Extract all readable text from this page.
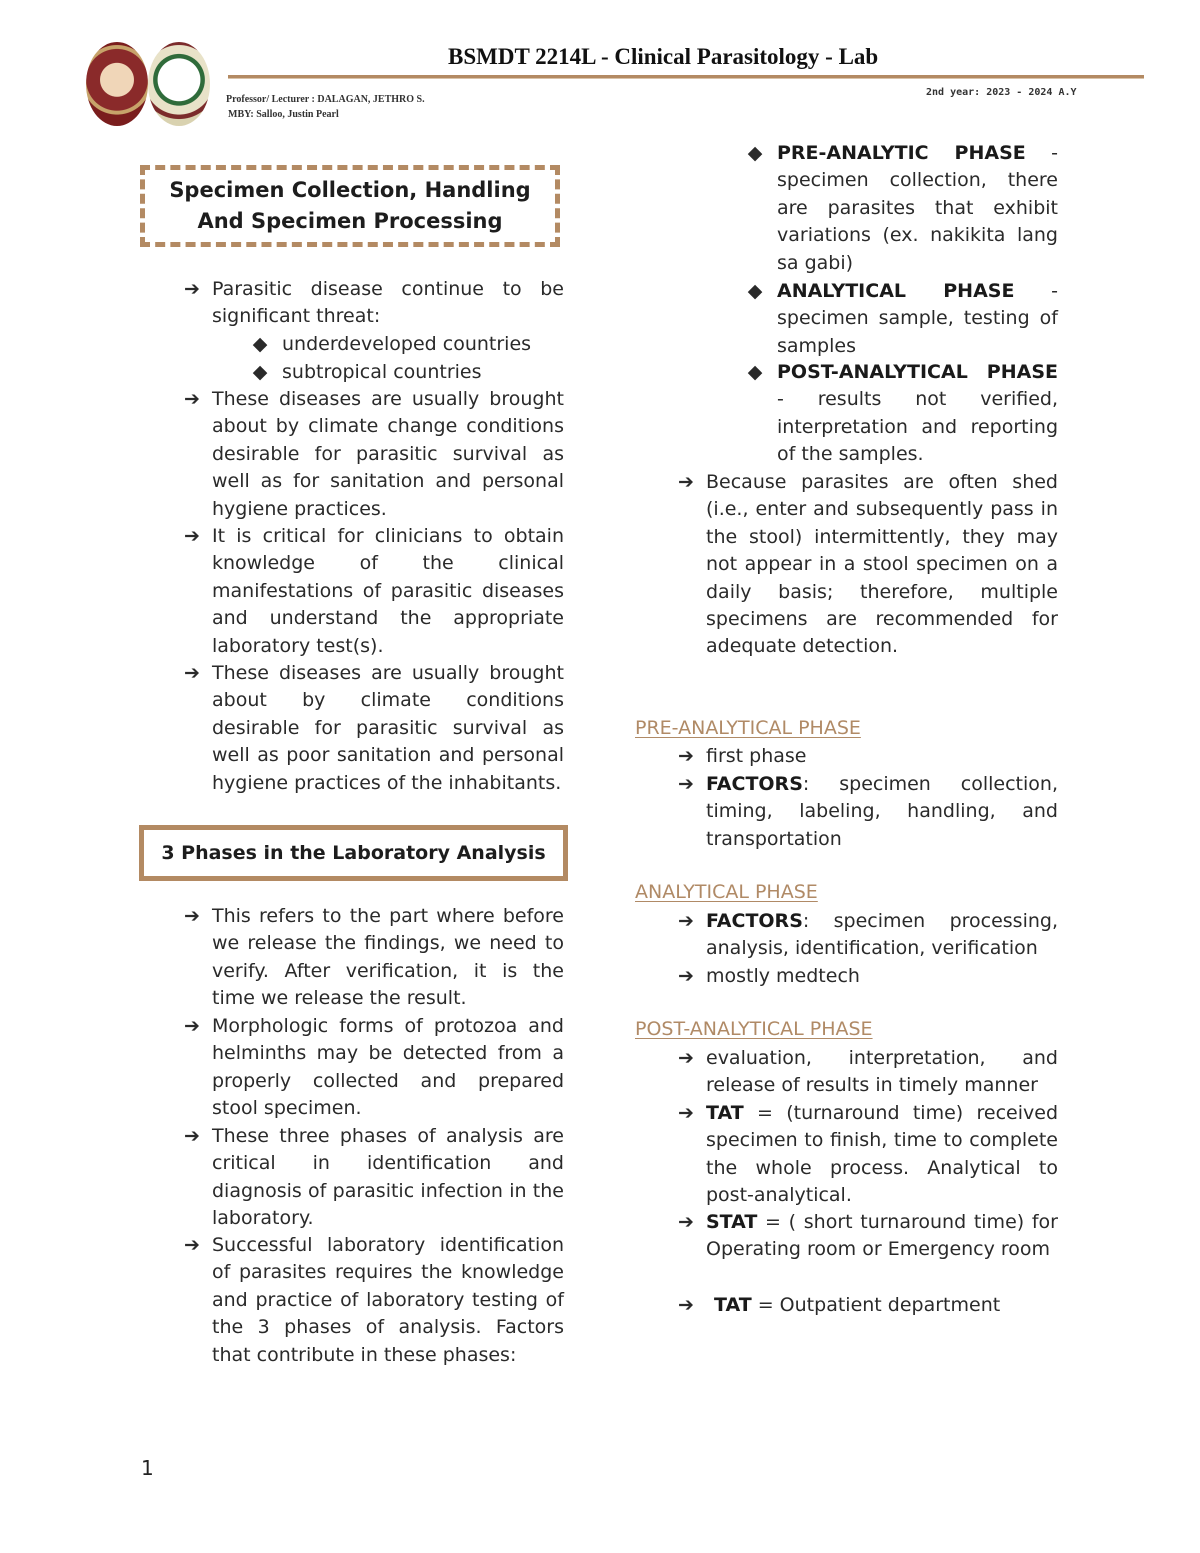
BSMDT 2214L - Clinical Parasitology - Lab
Professor/ Lecturer : DALAGAN, JETHRO S.
MBY: Salloo, Justin Pearl
2nd year: 2023 - 2024 A.Y
Specimen Collection, Handling
And Specimen Processing
➔ Parasitic disease continue to be significant threat:
◆ underdeveloped countries
◆ subtropical countries
➔ These diseases are usually brought about by climate change conditions desirable for parasitic survival as well as for sanitation and personal hygiene practices.
➔ It is critical for clinicians to obtain knowledge of the clinical manifestations of parasitic diseases and understand the appropriate laboratory test(s).
➔ These diseases are usually brought about by climate conditions desirable for parasitic survival as well as poor sanitation and personal hygiene practices of the inhabitants.
3 Phases in the Laboratory Analysis
➔ This refers to the part where before we release the findings, we need to verify. After verification, it is the time we release the result.
➔ Morphologic forms of protozoa and helminths may be detected from a properly collected and prepared stool specimen.
➔ These three phases of analysis are critical in identification and diagnosis of parasitic infection in the laboratory.
➔ Successful laboratory identification of parasites requires the knowledge and practice of laboratory testing of the 3 phases of analysis. Factors that contribute in these phases:
◆ PRE-ANALYTIC PHASE - specimen collection, there are parasites that exhibit variations (ex. nakikita lang sa gabi)
◆ ANALYTICAL PHASE - specimen sample, testing of samples
◆ POST-ANALYTICAL PHASE - results not verified, interpretation and reporting of the samples.
➔ Because parasites are often shed (i.e., enter and subsequently pass in the stool) intermittently, they may not appear in a stool specimen on a daily basis; therefore, multiple specimens are recommended for adequate detection.
PRE-ANALYTICAL PHASE
➔ first phase
➔ FACTORS: specimen collection, timing, labeling, handling, and transportation
ANALYTICAL PHASE
➔ FACTORS: specimen processing, analysis, identification, verification
➔ mostly medtech
POST-ANALYTICAL PHASE
➔ evaluation, interpretation, and release of results in timely manner
➔ TAT = (turnaround time) received specimen to finish, time to complete the whole process. Analytical to post-analytical.
➔ STAT = ( short turnaround time) for Operating room or Emergency room
➔ TAT = Outpatient department
1
